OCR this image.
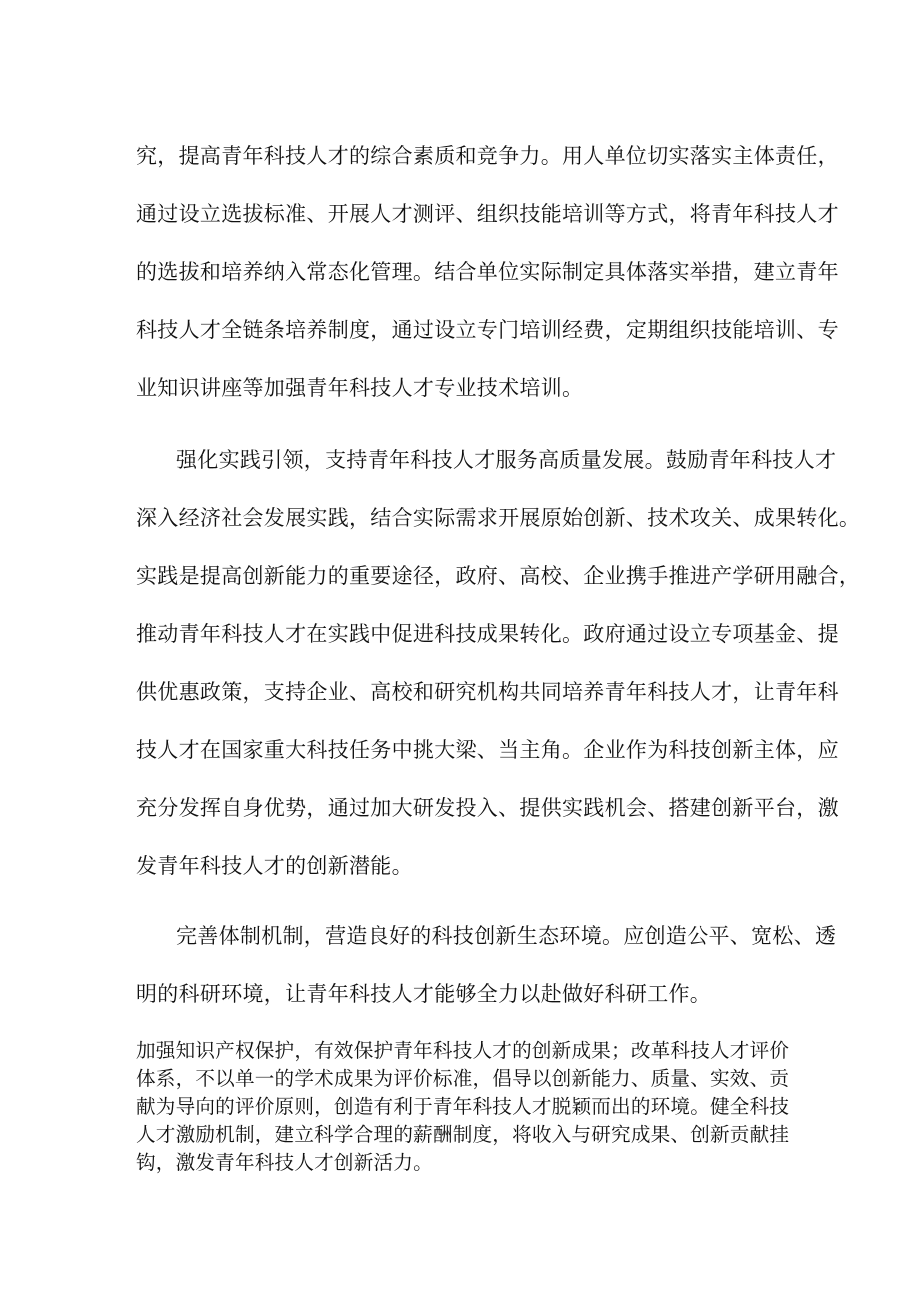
究，提高青年科技人才的综合素质和竞争力。用人单位切实落实主体责任，
通过设立选拔标准、开展人才测评、组织技能培训等方式，将青年科技人才
的选拔和培养纳入常态化管理。结合单位实际制定具体落实举措，建立青年
科技人才全链条培养制度，通过设立专门培训经费，定期组织技能培训、专
业知识讲座等加强青年科技人才专业技术培训。
强化实践引领，支持青年科技人才服务高质量发展。鼓励青年科技人才
深入经济社会发展实践，结合实际需求开展原始创新、技术攻关、成果转化。
实践是提高创新能力的重要途径，政府、高校、企业携手推进产学研用融合，
推动青年科技人才在实践中促进科技成果转化。政府通过设立专项基金、提
供优惠政策，支持企业、高校和研究机构共同培养青年科技人才，让青年科
技人才在国家重大科技任务中挑大梁、当主角。企业作为科技创新主体，应
充分发挥自身优势，通过加大研发投入、提供实践机会、搭建创新平台，激
发青年科技人才的创新潜能。
完善体制机制，营造良好的科技创新生态环境。应创造公平、宽松、透
明的科研环境，让青年科技人才能够全力以赴做好科研工作。
加强知识产权保护，有效保护青年科技人才的创新成果；改革科技人才评价
体系，不以单一的学术成果为评价标准，倡导以创新能力、质量、实效、贡
献为导向的评价原则，创造有利于青年科技人才脱颖而出的环境。健全科技
人才激励机制，建立科学合理的薪酬制度，将收入与研究成果、创新贡献挂
钩，激发青年科技人才创新活力。
